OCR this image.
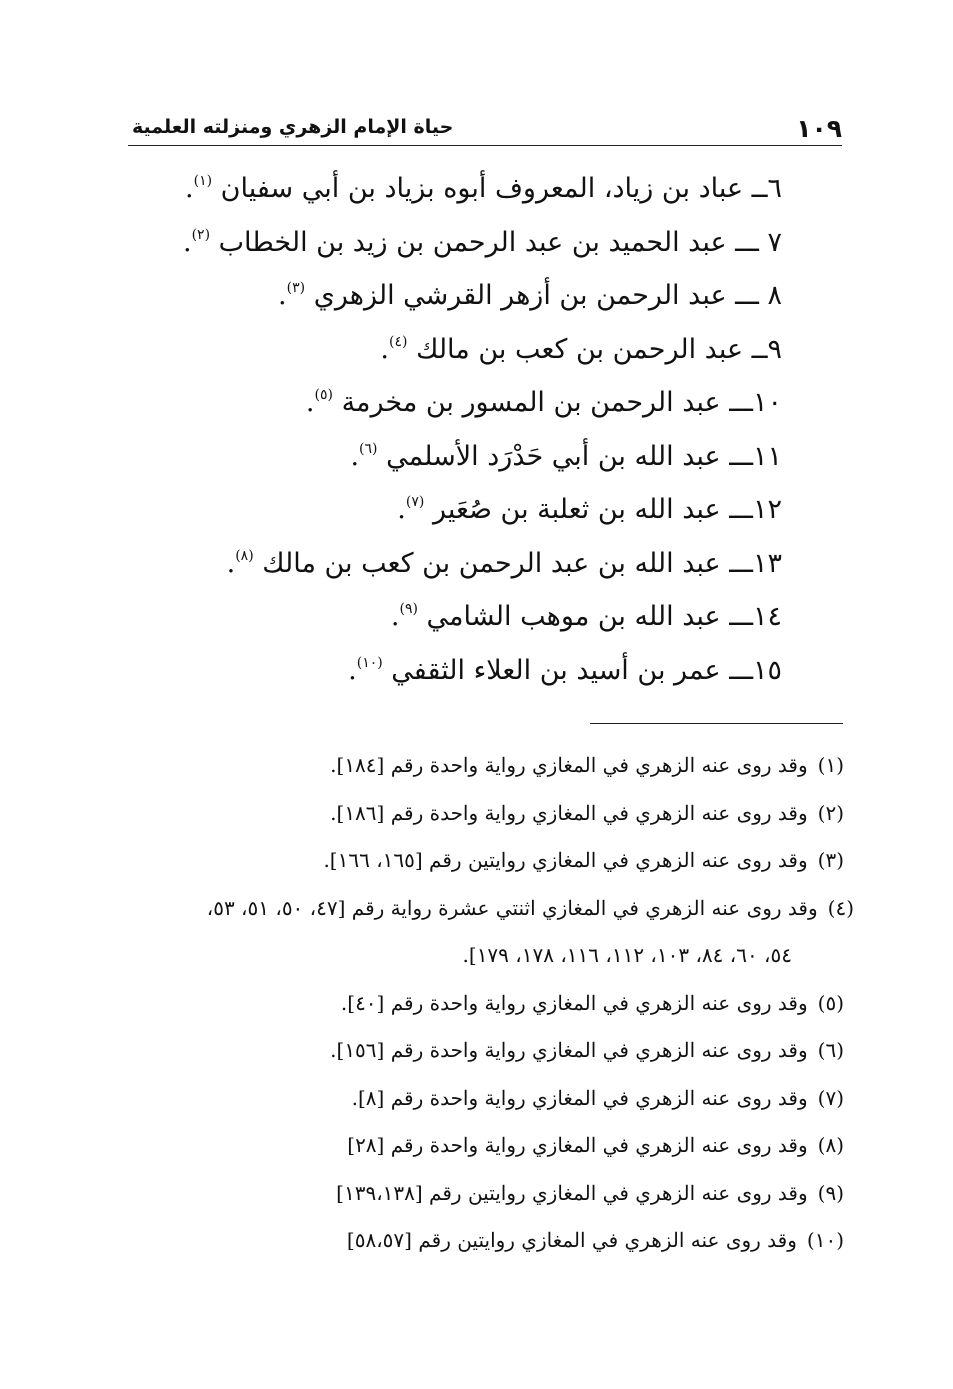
١٠٩
حياة الإمام الزهري ومنزلته العلمية
٦ــ عباد بن زياد، المعروف أبوه بزياد بن أبي سفيان $^{(١)}$.
٧ ـــ عبد الحميد بن عبد الرحمن بن زيد بن الخطاب $^{(٢)}$.
٨ ـــ عبد الرحمن بن أزهر القرشي الزهري $^{(٣)}$.
٩ــ عبد الرحمن بن كعب بن مالك $^{(٤)}$.
١٠ـــ عبد الرحمن بن المسور بن مخرمة $^{(٥)}$.
١١ـــ عبد الله بن أبي حَدْرَد الأسلمي $^{(٦)}$.
١٢ـــ عبد الله بن ثعلبة بن صُعَير $^{(٧)}$.
١٣ـــ عبد الله بن عبد الرحمن بن كعب بن مالك $^{(٨)}$.
١٤ـــ عبد الله بن موهب الشامي $^{(٩)}$.
١٥ـــ عمر بن أسيد بن العلاء الثقفي $^{(١٠)}$.
(١)وقد روى عنه الزهري في المغازي رواية واحدة رقم [١٨٤].
(٢)وقد روى عنه الزهري في المغازي رواية واحدة رقم [١٨٦].
(٣)وقد روى عنه الزهري في المغازي روايتين رقم [١٦٥، ١٦٦].
(٤)وقد روى عنه الزهري في المغازي اثنتي عشرة رواية رقم [٤٧، ٥٠، ٥١، ٥٣،
٥٤، ٦٠، ٨٤، ١٠٣، ١١٢، ١١٦، ١٧٨، ١٧٩].
(٥)وقد روى عنه الزهري في المغازي رواية واحدة رقم [٤٠].
(٦)وقد روى عنه الزهري في المغازي رواية واحدة رقم [١٥٦].
(٧)وقد روى عنه الزهري في المغازي رواية واحدة رقم [٨].
(٨)وقد روى عنه الزهري في المغازي رواية واحدة رقم [٢٨]
(٩)وقد روى عنه الزهري في المغازي روايتين رقم [١٣٩،١٣٨]
(١٠)وقد روى عنه الزهري في المغازي روايتين رقم [٥٨،٥٧]
